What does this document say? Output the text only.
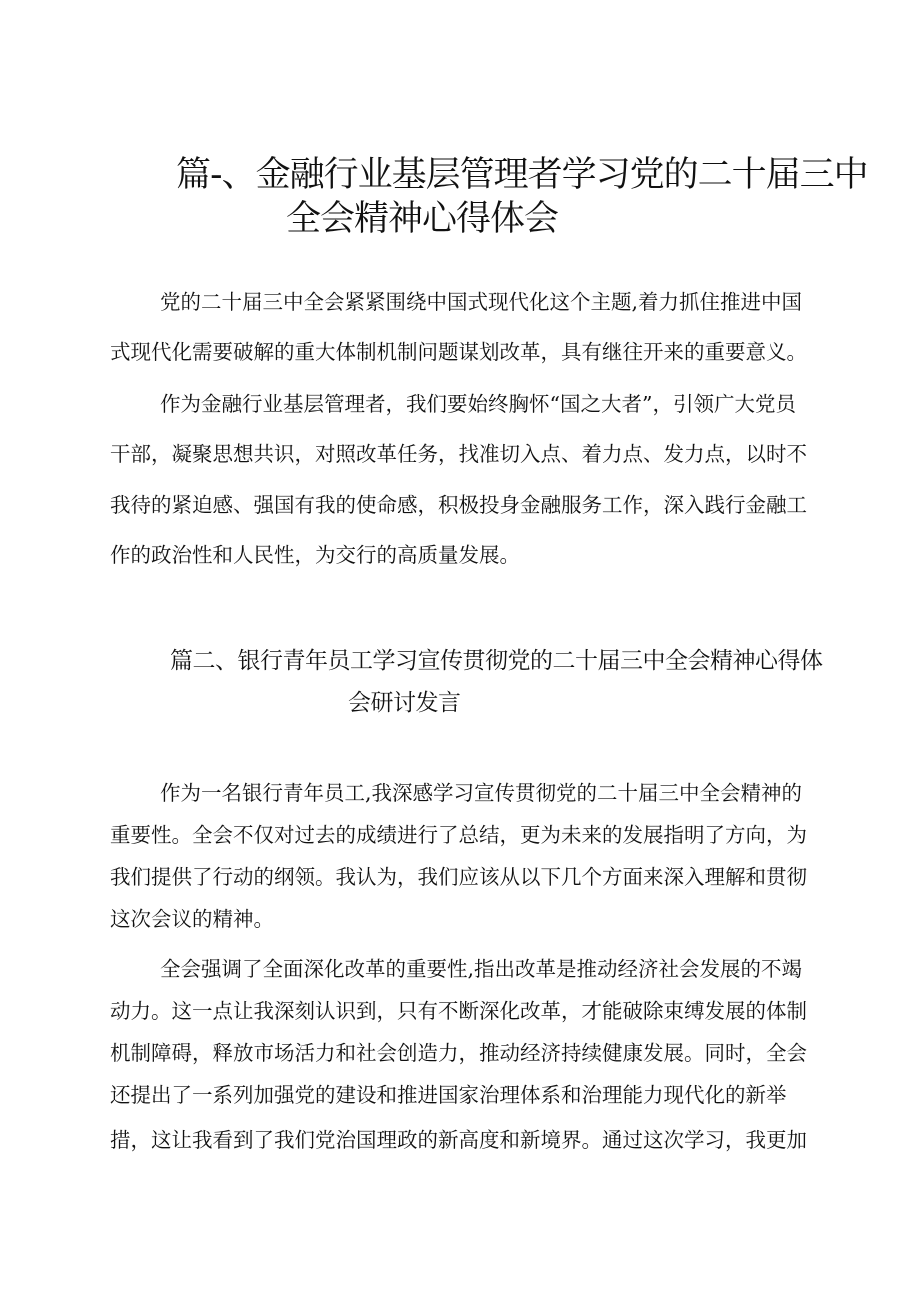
篇-、金融行业基层管理者学习党的二十届三中
全会精神心得体会
党的二十届三中全会紧紧围绕中国式现代化这个主题,着力抓住推进中国
式现代化需要破解的重大体制机制问题谋划改革，具有继往开来的重要意义。
作为金融行业基层管理者，我们要始终胸怀“国之大者”，引领广大党员
干部，凝聚思想共识，对照改革任务，找准切入点、着力点、发力点，以时不
我待的紧迫感、强国有我的使命感，积极投身金融服务工作，深入践行金融工
作的政治性和人民性，为交行的高质量发展。
篇二、银行青年员工学习宣传贯彻党的二十届三中全会精神心得体
会研讨发言
作为一名银行青年员工,我深感学习宣传贯彻党的二十届三中全会精神的
重要性。全会不仅对过去的成绩进行了总结，更为未来的发展指明了方向，为
我们提供了行动的纲领。我认为，我们应该从以下几个方面来深入理解和贯彻
这次会议的精神。
全会强调了全面深化改革的重要性,指出改革是推动经济社会发展的不竭
动力。这一点让我深刻认识到，只有不断深化改革，才能破除束缚发展的体制
机制障碍，释放市场活力和社会创造力，推动经济持续健康发展。同时，全会
还提出了一系列加强党的建设和推进国家治理体系和治理能力现代化的新举
措，这让我看到了我们党治国理政的新高度和新境界。通过这次学习，我更加
